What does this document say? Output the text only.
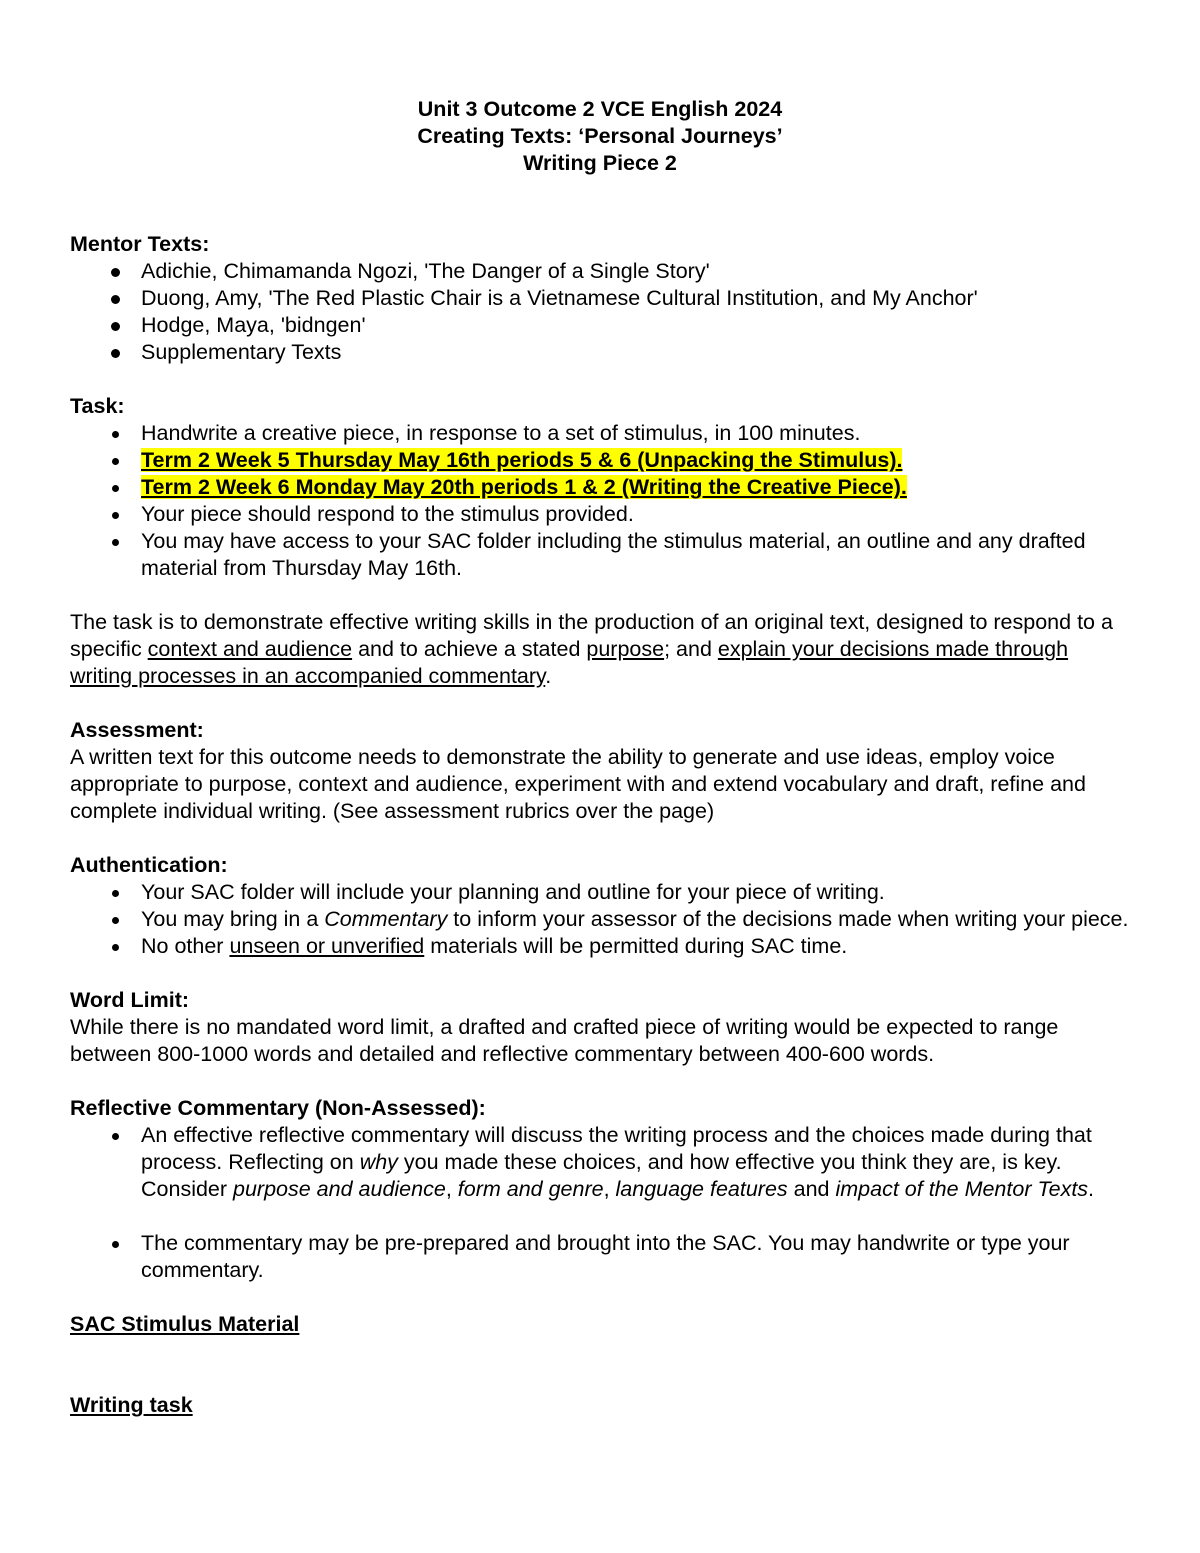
Unit 3 Outcome 2 VCE English 2024
Creating Texts: ‘Personal Journeys’
Writing Piece 2
Mentor Texts:
Adichie, Chimamanda Ngozi, 'The Danger of a Single Story'
Duong, Amy, 'The Red Plastic Chair is a Vietnamese Cultural Institution, and My Anchor'
Hodge, Maya, 'bidngen'
Supplementary Texts
Task:
Handwrite a creative piece, in response to a set of stimulus, in 100 minutes.
Term 2 Week 5 Thursday May 16th periods 5 & 6 (Unpacking the Stimulus).
Term 2 Week 6 Monday May 20th periods 1 & 2 (Writing the Creative Piece).
Your piece should respond to the stimulus provided.
You may have access to your SAC folder including the stimulus material, an outline and any drafted material from Thursday May 16th.
The task is to demonstrate effective writing skills in the production of an original text, designed to respond to a specific context and audience and to achieve a stated purpose; and explain your decisions made through writing processes in an accompanied commentary.
Assessment:
A written text for this outcome needs to demonstrate the ability to generate and use ideas, employ voice appropriate to purpose, context and audience, experiment with and extend vocabulary and draft, refine and complete individual writing. (See assessment rubrics over the page)
Authentication:
Your SAC folder will include your planning and outline for your piece of writing.
You may bring in a Commentary to inform your assessor of the decisions made when writing your piece.
No other unseen or unverified materials will be permitted during SAC time.
Word Limit:
While there is no mandated word limit, a drafted and crafted piece of writing would be expected to range between 800-1000 words and detailed and reflective commentary between 400-600 words.
Reflective Commentary (Non-Assessed):
An effective reflective commentary will discuss the writing process and the choices made during that process. Reflecting on why you made these choices, and how effective you think they are, is key. Consider purpose and audience, form and genre, language features and impact of the Mentor Texts.
The commentary may be pre-prepared and brought into the SAC. You may handwrite or type your commentary.
SAC Stimulus Material
Writing task
